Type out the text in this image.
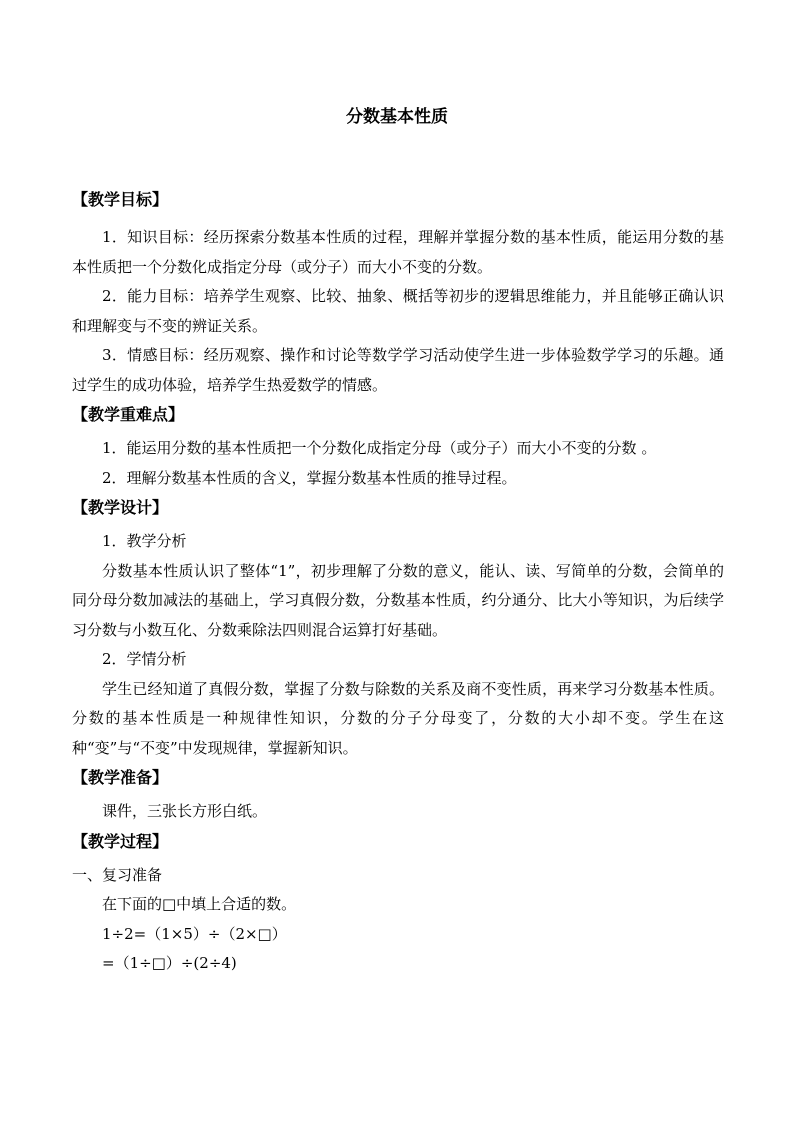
分数基本性质

【教学目标】

1．知识目标：经历探索分数基本性质的过程，理解并掌握分数的基本性质，能运用分数的基本性质把一个分数化成指定分母（或分子）而大小不变的分数。

2．能力目标：培养学生观察、比较、抽象、概括等初步的逻辑思维能力，并且能够正确认识和理解变与不变的辨证关系。

3．情感目标：经历观察、操作和讨论等数学学习活动使学生进一步体验数学学习的乐趣。通过学生的成功体验，培养学生热爱数学的情感。

【教学重难点】

1．能运用分数的基本性质把一个分数化成指定分母（或分子）而大小不变的分数 。

2．理解分数基本性质的含义，掌握分数基本性质的推导过程。

【教学设计】

1．教学分析

分数基本性质认识了整体“1”，初步理解了分数的意义，能认、读、写简单的分数，会简单的同分母分数加减法的基础上，学习真假分数，分数基本性质，约分通分、比大小等知识，为后续学习分数与小数互化、分数乘除法四则混合运算打好基础。

2．学情分析

学生已经知道了真假分数，掌握了分数与除数的关系及商不变性质，再来学习分数基本性质。分数的基本性质是一种规律性知识，分数的分子分母变了，分数的大小却不变。学生在这种“变”与“不变”中发现规律，掌握新知识。

【教学准备】

课件，三张长方形白纸。

【教学过程】

一、复习准备

在下面的□中填上合适的数。

1÷2=（1×5）÷（2×□）

=（1÷□）÷(2÷4)
